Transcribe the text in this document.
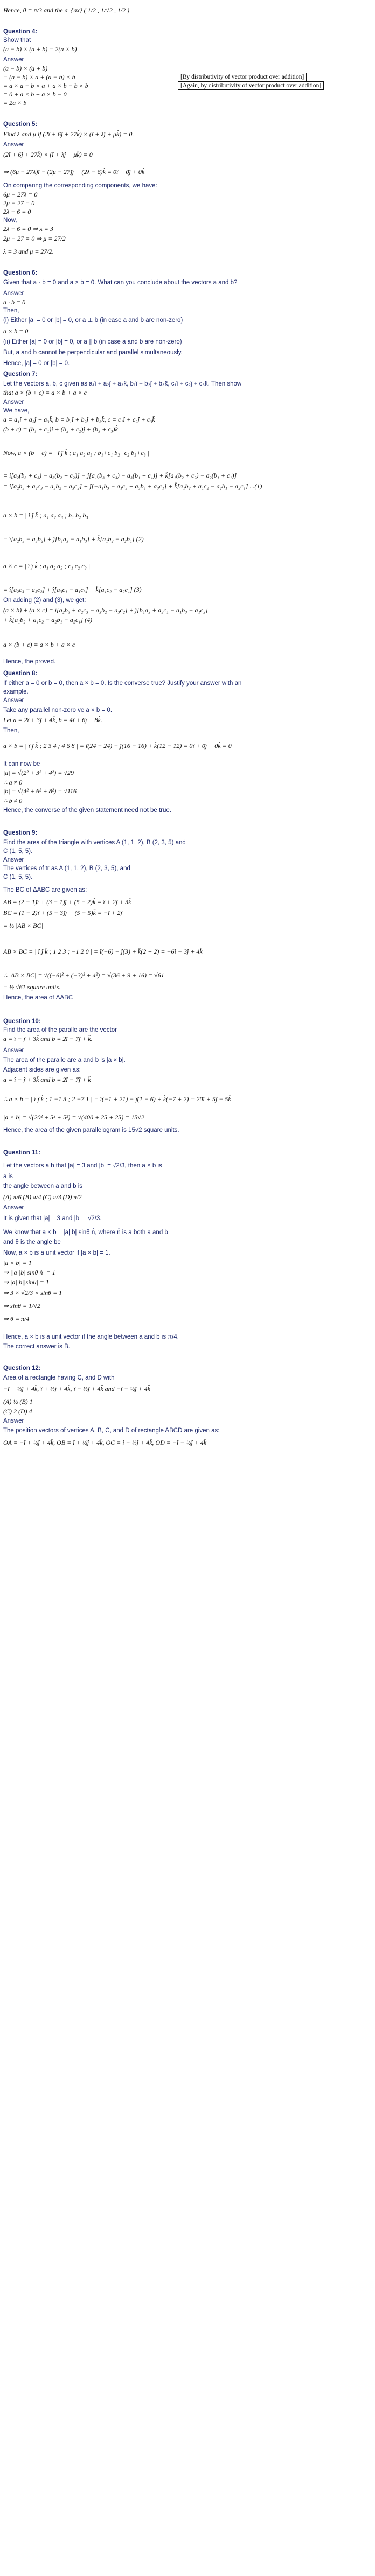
Hence, θ = π/3 and the a_{ax} ( 1/2 , 1/√2 , 1/2 )
Question 4:
Show that
(a − b) × (a + b) = 2(a × b)
Answer
(a − b) × (a + b)
= (a − b) × a + (a − b) × b
= a × a − b × a + a × b − b × b
= 0 + a × b + a × b − 0
= 2a × b
Question 5:
Find λ and μ if (2î + 6ĵ + 27k̂) × (î + λĵ + μk̂) = 0.
Answer
(2î + 6ĵ + 27k̂) × (î + λĵ + μk̂) = 0
⇒ (6μ − 27λ)î − (2μ − 27)ĵ + (2λ − 6)k̂ = 0î + 0ĵ + 0k̂
On comparing the corresponding components, we have:
6μ − 27λ = 0
2μ − 27 = 0
2λ − 6 = 0
Now,
2λ − 6 = 0 ⇒ λ = 3
2μ − 27 = 0 ⇒ μ = 27/2
λ = 3 and μ = 27/2.
Question 6:
Given that a · b = 0 and a × b = 0. What can you conclude about the vectors a and b?
Answer
a · b = 0
Then,
(i) Either |a| = 0 or |b| = 0, or a ⊥ b (in case a and b are non-zero)
a × b = 0
(ii) Either |a| = 0 or |b| = 0, or a ∥ b (in case a and b are non-zero)
But, a and b cannot be perpendicular and parallel simultaneously.
Hence, |a| = 0 or |b| = 0.
Question 7:
Let the vectors a, b, c given as a₁î + a₂ĵ + a₃k̂, b₁î + b₂ĵ + b₃k̂, c₁î + c₂ĵ + c₃k̂. Then show
that a × (b + c) = a × b + a × c
Answer
We have,
a = a₁î + a₂ĵ + a₃k̂, b = b₁î + b₂ĵ + b₃k̂, c = c₁î + c₂ĵ + c₃k̂
(b + c) = (b₁ + c₁)î + (b₂ + c₂)ĵ + (b₃ + c₃)k̂
Now, a × (b + c) = | î ĵ k̂ ; a₁ a₂ a₃ ; b₁+c₁ b₂+c₂ b₃+c₃ |
= î[a₂(b₃ + c₃) − a₃(b₂ + c₂)] − ĵ[a₁(b₃ + c₃) − a₃(b₁ + c₁)] + k̂[a₁(b₂ + c₂) − a₂(b₁ + c₁)]
= î[a₂b₃ + a₂c₃ − a₃b₂ − a₃c₂] + ĵ[−a₁b₃ − a₁c₃ + a₃b₁ + a₃c₁] + k̂[a₁b₂ + a₁c₂ − a₂b₁ − a₂c₁] ...(1)
a × b = | î ĵ k̂ ; a₁ a₂ a₃ ; b₁ b₂ b₃ |
= î[a₂b₃ − a₃b₂] + ĵ[b₁a₃ − a₁b₃] + k̂[a₁b₂ − a₂b₁] (2)
a × c = | î ĵ k̂ ; a₁ a₂ a₃ ; c₁ c₂ c₃ |
= î[a₂c₃ − a₃c₂] + ĵ[a₃c₁ − a₁c₃] + k̂[a₁c₂ − a₂c₁] (3)
On adding (2) and (3), we get:
(a × b) + (a × c) = î[a₂b₃ + a₂c₃ − a₃b₂ − a₃c₂] + ĵ[b₁a₃ + a₃c₁ − a₁b₃ − a₁c₃]
+ k̂[a₁b₂ + a₁c₂ − a₂b₁ − a₂c₁] (4)
a × (b + c) = a × b + a × c
Hence, the proved.
Question 8:
If either a = 0 or b = 0, then a × b = 0. Is the converse true? Justify your answer with an
example.
Answer
Take any parallel non-zero ve a × b = 0.
Let a = 2î + 3ĵ + 4k̂, b = 4î + 6ĵ + 8k̂.
Then,
a × b = | î ĵ k̂ ; 2 3 4 ; 4 6 8 | = î(24 − 24) − ĵ(16 − 16) + k̂(12 − 12) = 0î + 0ĵ + 0k̂ = 0
It can now be
|a| = √(2² + 3² + 4²) = √29
∴ a ≠ 0
|b| = √(4² + 6² + 8²) = √116
∴ b ≠ 0
Hence, the converse of the given statement need not be true.
Question 9:
Find the area of the triangle with vertices A (1, 1, 2), B (2, 3, 5) and
C (1, 5, 5).
Answer
The vertices of tr as A (1, 1, 2), B (2, 3, 5), and
C (1, 5, 5).
The BC of ΔABC are given as:
AB = (2 − 1)î + (3 − 1)ĵ + (5 − 2)k̂ = î + 2ĵ + 3k̂
BC = (1 − 2)î + (5 − 3)ĵ + (5 − 5)k̂ = −î + 2ĵ
= ½ |AB × BC|
AB × BC = | î ĵ k̂ ; 1 2 3 ; −1 2 0 | = î(−6) − ĵ(3) + k̂(2 + 2) = −6î − 3ĵ + 4k̂
∴ |AB × BC| = √((−6)² + (−3)² + 4²) = √(36 + 9 + 16) = √61
= ½ √61 square units.
Hence, the area of ΔABC
Question 10:
Find the area of the paralle are the vector
a = î − ĵ + 3k̂ and b = 2î − 7ĵ + k̂.
Answer
The area of the paralle are a and b is |a × b|.
Adjacent sides are given as:
a = î − ĵ + 3k̂ and b = 2î − 7ĵ + k̂
∴ a × b = | î ĵ k̂ ; 1 −1 3 ; 2 −7 1 | = î(−1 + 21) − ĵ(1 − 6) + k̂(−7 + 2) = 20î + 5ĵ − 5k̂
|a × b| = √(20² + 5² + 5²) = √(400 + 25 + 25) = 15√2
Hence, the area of the given parallelogram is 15√2 square units.
Question 11:
Let the vectors a b that |a| = 3 and |b| = √2/3, then a × b is
a is
the angle between a and b is
(A) π/6 (B) π/4 (C) π/3 (D) π/2
Answer
It is given that |a| = 3 and |b| = √2/3.
We know that a × b = |a||b| sinθ n̂, where n̂ is a both a and b
and θ is the angle be
Now, a × b is a unit vector if |a × b| = 1.
|a × b| = 1
⇒ ||a||b| sinθ n̂| = 1
⇒ |a||b||sinθ| = 1
⇒ 3 × √2/3 × sinθ = 1
⇒ sinθ = 1/√2
⇒ θ = π/4
Hence, a × b is a unit vector if the angle between a and b is π/4.
The correct answer is B.
Question 12:
Area of a rectangle having C, and D with
−î + ½ĵ + 4k̂, î + ½ĵ + 4k̂, î − ½ĵ + 4k̂ and −î − ½ĵ + 4k̂
(A) ½ (B) 1
(C) 2 (D) 4
Answer
The position vectors of vertices A, B, C, and D of rectangle ABCD are given as:
OA = −î + ½ĵ + 4k̂, OB = î + ½ĵ + 4k̂, OC = î − ½ĵ + 4k̂, OD = −î − ½ĵ + 4k̂
[By distributivity of vector product over addition]
[Again, by distributivity of vector product over addition]
